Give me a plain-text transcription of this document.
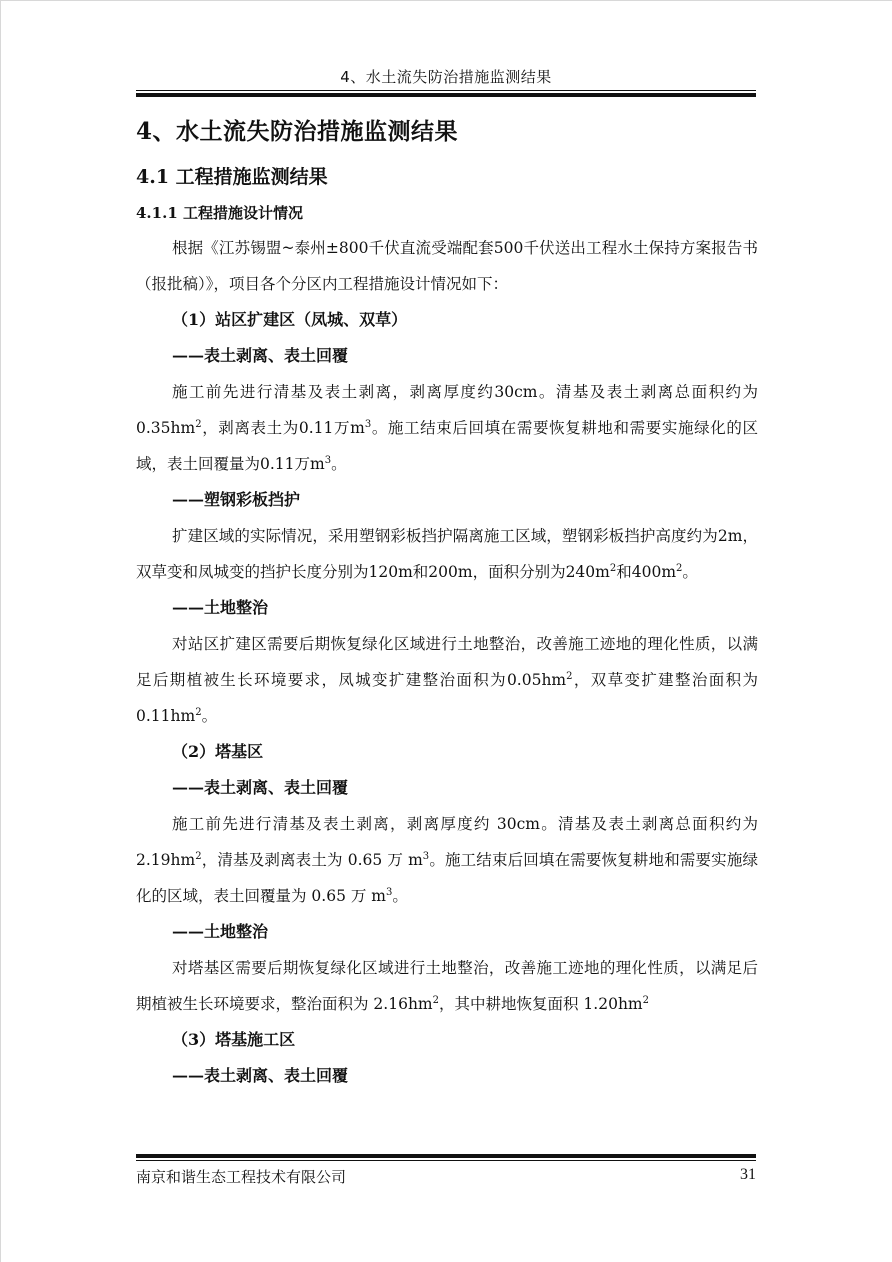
4、水土流失防治措施监测结果
4、水土流失防治措施监测结果
4.1 工程措施监测结果
4.1.1 工程措施设计情况

根据《江苏锡盟~泰州±800千伏直流受端配套500千伏送出工程水土保持方案报告书（报批稿）》，项目各个分区内工程措施设计情况如下：

（1）站区扩建区（凤城、双草）

——表土剥离、表土回覆

施工前先进行清基及表土剥离，剥离厚度约30cm。清基及表土剥离总面积约为$0.35hm^2$，剥离表土为0.11万$m^3$。施工结束后回填在需要恢复耕地和需要实施绿化的区域，表土回覆量为0.11万$m^3$。

——塑钢彩板挡护

扩建区域的实际情况，采用塑钢彩板挡护隔离施工区域，塑钢彩板挡护高度约为2m，双草变和凤城变的挡护长度分别为120m和200m，面积分别为$240m^2$和$400m^2$。

——土地整治

对站区扩建区需要后期恢复绿化区域进行土地整治，改善施工迹地的理化性质，以满足后期植被生长环境要求，凤城变扩建整治面积为$0.05hm^2$，双草变扩建整治面积为$0.11hm^2$。

（2）塔基区

——表土剥离、表土回覆

施工前先进行清基及表土剥离，剥离厚度约 30cm。清基及表土剥离总面积约为 $2.19hm^2$，清基及剥离表土为 0.65 万 $m^3$。施工结束后回填在需要恢复耕地和需要实施绿化的区域，表土回覆量为 0.65 万 $m^3$。

——土地整治

对塔基区需要后期恢复绿化区域进行土地整治，改善施工迹地的理化性质，以满足后期植被生长环境要求，整治面积为 $2.16hm^2$，其中耕地恢复面积 $1.20hm^2$

（3）塔基施工区

——表土剥离、表土回覆

南京和谐生态工程技术有限公司	31
